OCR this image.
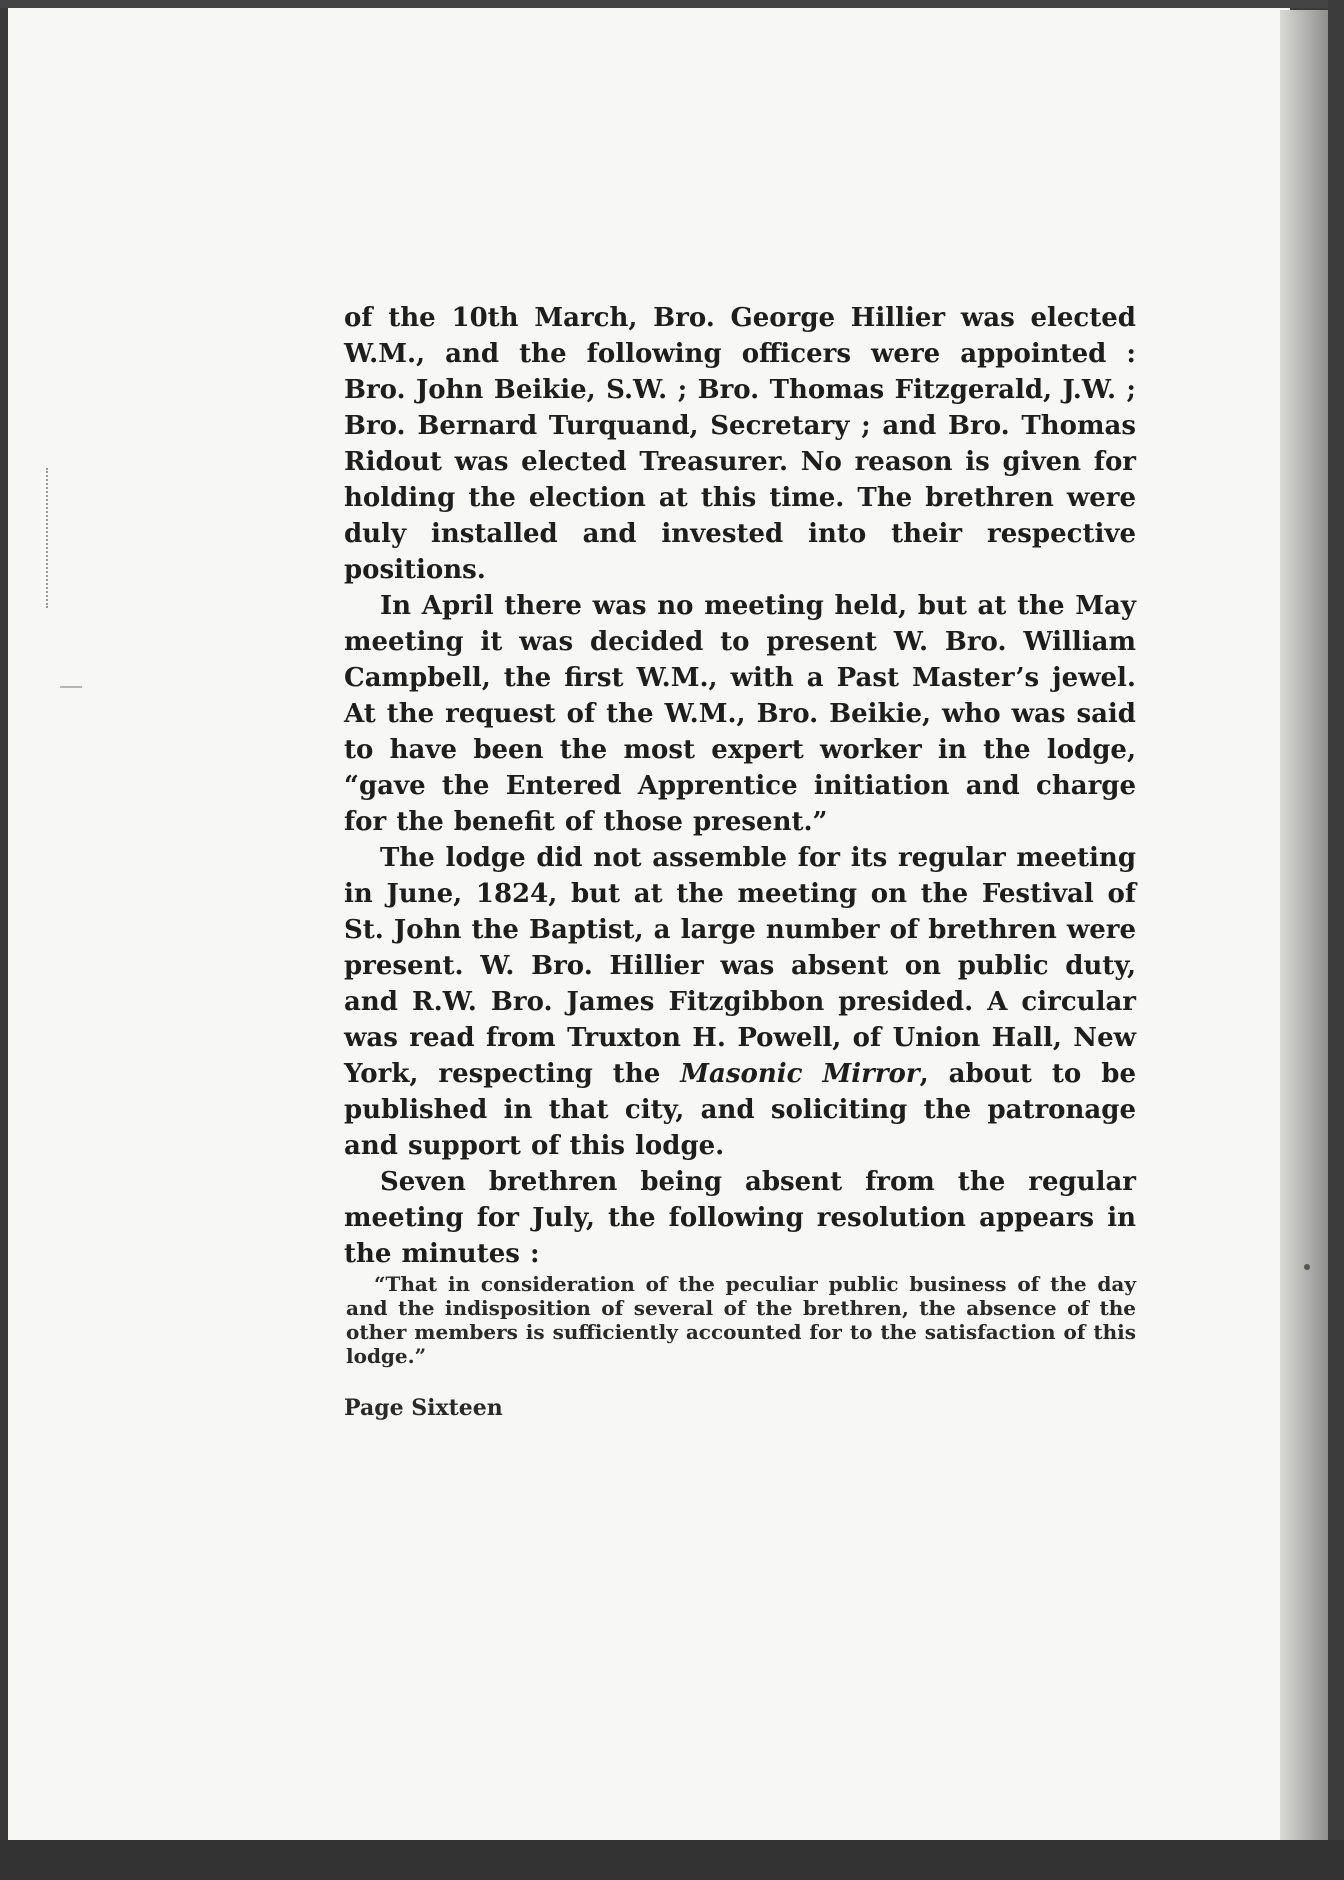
of the 10th March, Bro. George Hillier was elected W.M., and the following officers were appointed : Bro. John Beikie, S.W. ; Bro. Thomas Fitzgerald, J.W. ; Bro. Bernard Turquand, Secretary ; and Bro. Thomas Ridout was elected Treasurer. No reason is given for holding the election at this time. The brethren were duly installed and invested into their respective positions.

In April there was no meeting held, but at the May meeting it was decided to present W. Bro. William Campbell, the first W.M., with a Past Master’s jewel. At the request of the W.M., Bro. Beikie, who was said to have been the most expert worker in the lodge, “gave the Entered Apprentice initiation and charge for the benefit of those present.”

The lodge did not assemble for its regular meeting in June, 1824, but at the meeting on the Festival of St. John the Baptist, a large number of brethren were present. W. Bro. Hillier was absent on public duty, and R.W. Bro. James Fitzgibbon presided. A circular was read from Truxton H. Powell, of Union Hall, New York, respecting the Masonic Mirror, about to be published in that city, and soliciting the patronage and support of this lodge.

Seven brethren being absent from the regular meeting for July, the following resolution appears in the minutes :

“That in consideration of the peculiar public business of the day and the indisposition of several of the brethren, the absence of the other members is sufficiently accounted for to the satisfaction of this lodge.”

Page Sixteen
